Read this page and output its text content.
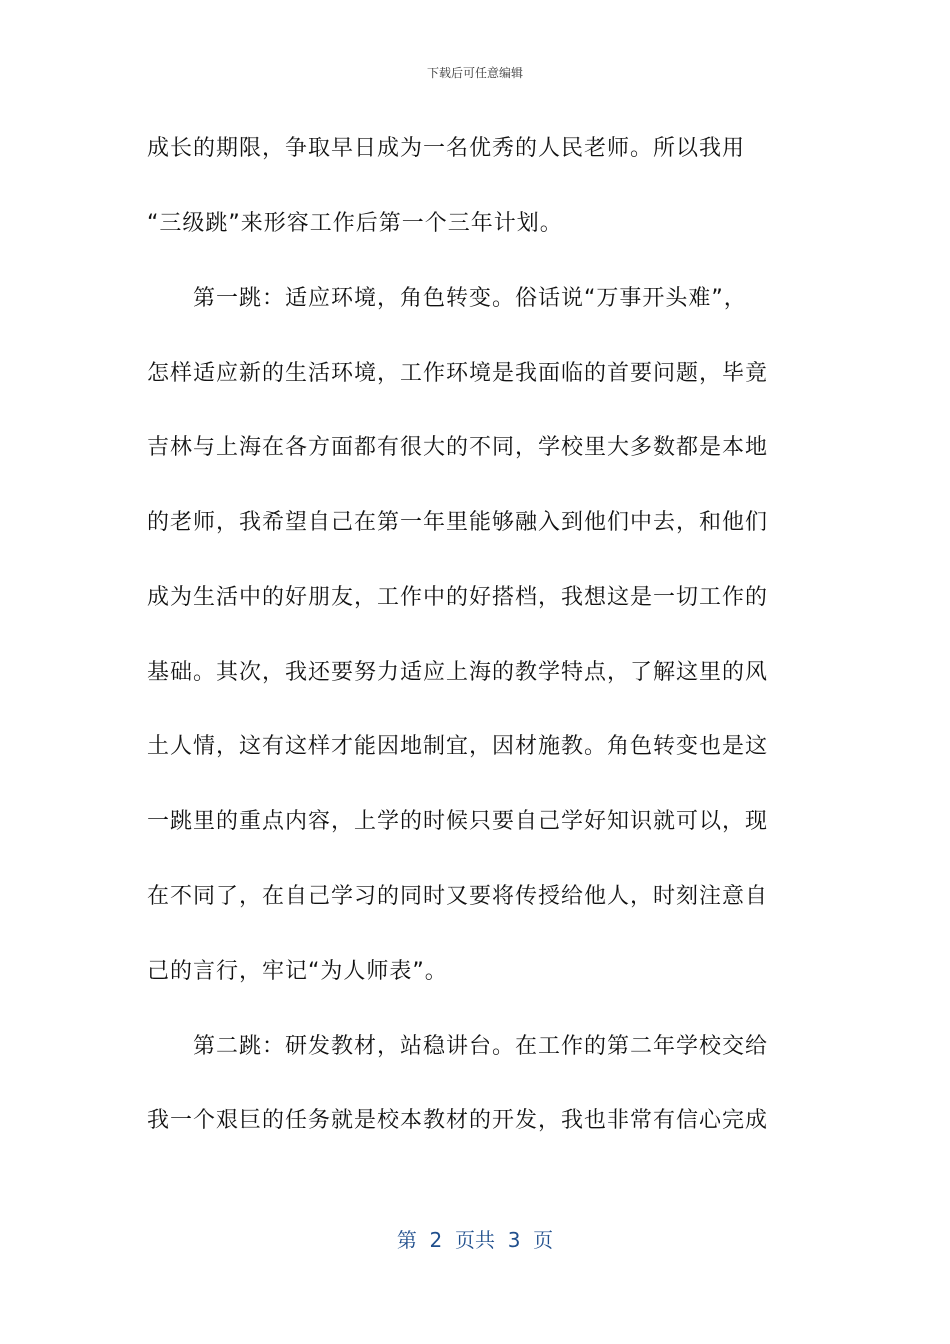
下载后可任意编辑
成长的期限，争取早日成为一名优秀的人民老师。所以我用
“三级跳”来形容工作后第一个三年计划。
　　第一跳：适应环境，角色转变。俗话说“万事开头难”，
怎样适应新的生活环境，工作环境是我面临的首要问题，毕竟
吉林与上海在各方面都有很大的不同，学校里大多数都是本地
的老师，我希望自己在第一年里能够融入到他们中去，和他们
成为生活中的好朋友，工作中的好搭档，我想这是一切工作的
基础。其次，我还要努力适应上海的教学特点，了解这里的风
土人情，这有这样才能因地制宜，因材施教。角色转变也是这
一跳里的重点内容，上学的时候只要自己学好知识就可以，现
在不同了，在自己学习的同时又要将传授给他人，时刻注意自
己的言行，牢记“为人师表”。
　　第二跳：研发教材，站稳讲台。在工作的第二年学校交给
我一个艰巨的任务就是校本教材的开发，我也非常有信心完成
第  2  页共  3  页
